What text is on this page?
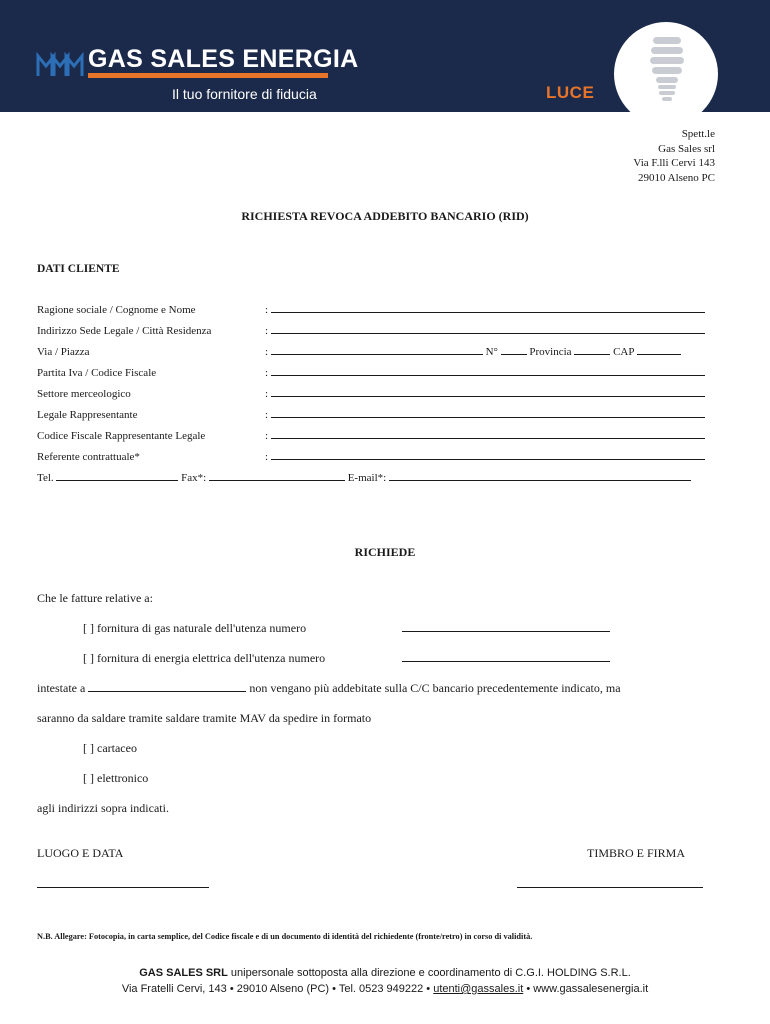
GAS SALES ENERGIA
Il tuo fornitore di fiducia	LUCE
Spett.le
Gas Sales srl
Via F.lli Cervi 143
29010 Alseno PC
RICHIESTA REVOCA ADDEBITO BANCARIO (RID)
DATI CLIENTE
Ragione sociale / Cognome e Nome	:
Indirizzo Sede Legale / Città Residenza	:
Via / Piazza	:	N°	Provincia	CAP
Partita Iva / Codice Fiscale	:
Settore merceologico	:
Legale Rappresentante	:
Codice Fiscale Rappresentante Legale	:
Referente contrattuale*	:
Tel.	Fax*:	E-mail*:
RICHIEDE
Che le fatture relative a:
[ ] fornitura di gas naturale dell'utenza numero
[ ] fornitura di energia elettrica dell'utenza numero
intestate a	non vengano più addebitate sulla C/C bancario precedentemente indicato, ma
saranno da saldare tramite saldare tramite MAV da spedire in formato
[ ] cartaceo
[ ] elettronico
agli indirizzi sopra indicati.
LUOGO E DATA	TIMBRO E FIRMA
N.B. Allegare: Fotocopia, in carta semplice, del Codice fiscale e di un documento di identità del richiedente (fronte/retro) in corso di validità.
GAS SALES SRL unipersonale sottoposta alla direzione e coordinamento di C.G.I. HOLDING S.R.L.
Via Fratelli Cervi, 143 • 29010 Alseno (PC) • Tel. 0523 949222 • utenti@gassales.it • www.gassalesenergia.it
